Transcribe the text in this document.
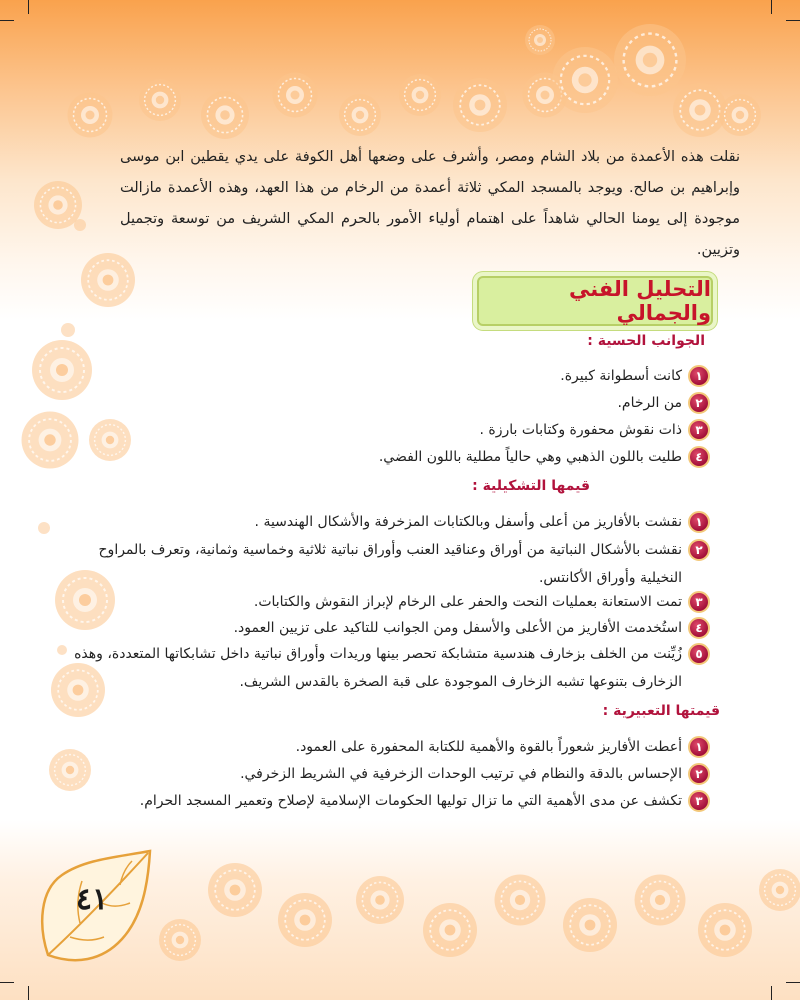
نقلت هذه الأعمدة من بلاد الشام ومصر، وأشرف على وضعها أهل الكوفة على يدي يقطين ابن موسى وإبراهيم بن صالح. ويوجد بالمسجد المكي ثلاثة أعمدة من الرخام من هذا العهد، وهذه الأعمدة مازالت موجودة إلى يومنا الحالي شاهداً على اهتمام أولياء الأمور بالحرم المكي الشريف من توسعة وتجميل وتزيين.

التحليل الفني والجمالي
الجوانب الحسية :
١
كانت أسطوانة كبيرة.
٢
من الرخام.
٣
ذات نقوش محفورة وكتابات بارزة .
٤
طليت باللون الذهبي وهي حالياً مطلية باللون الفضي.
قيمها التشكيلية :
١
نقشت بالأفاريز من أعلى وأسفل وبالكتابات المزخرفة والأشكال الهندسية .
٢
نقشت بالأشكال النباتية من أوراق وعناقيد العنب وأوراق نباتية ثلاثية وخماسية وثمانية، وتعرف بالمراوح النخيلية وأوراق الأكانتس.
٣
تمت الاستعانة بعمليات النحت والحفر على الرخام لإبراز النقوش والكتابات.
٤
استُخدمت الأفاريز من الأعلى والأسفل ومن الجوانب للتاكيد على تزيين العمود.
٥
زُيِّنت من الخلف بزخارف هندسية متشابكة تحصر بينها وريدات وأوراق نباتية داخل تشابكاتها المتعددة، وهذه الزخارف بتنوعها تشبه الزخارف الموجودة على قبة الصخرة بالقدس الشريف.
قيمتها التعبيرية :
١
أعطت الأفاريز شعوراً بالقوة والأهمية للكتابة المحفورة على العمود.
٢
الإحساس بالدقة والنظام في ترتيب الوحدات الزخرفية في الشريط الزخرفي.
٣
تكشف عن مدى الأهمية التي ما تزال توليها الحكومات الإسلامية لإصلاح وتعمير المسجد الحرام.
٤١
